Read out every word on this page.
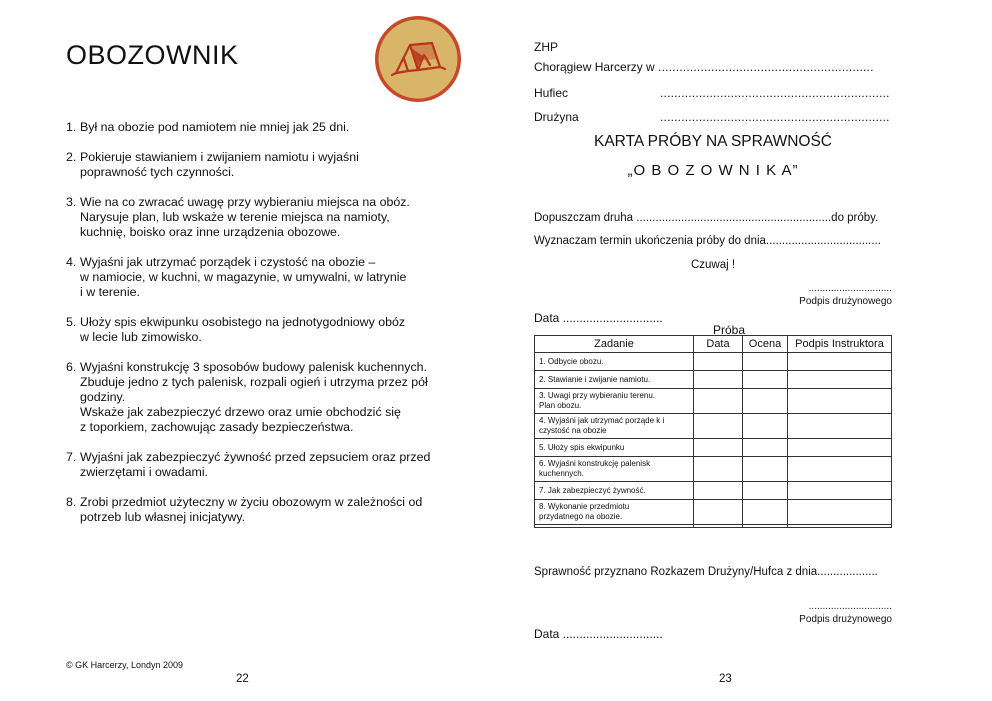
OBOZOWNIK
1. Był na obozie pod namiotem nie mniej jak 25 dni.
2. Pokieruje stawianiem i zwijaniem namiotu i wyjaśni
poprawność tych czynności.
3. Wie na co zwracać uwagę przy wybieraniu miejsca na obóz.
Narysuje plan, lub wskaże w terenie miejsca na namioty,
kuchnię, boisko oraz inne urządzenia obozowe.
4. Wyjaśni jak utrzymać porządek i czystość na obozie –
w namiocie, w kuchni, w magazynie, w umywalni, w latrynie
i w terenie.
5. Ułoży spis ekwipunku osobistego na jednotygodniowy obóz
w lecie lub zimowisko.
6. Wyjaśni konstrukcję 3 sposobów budowy palenisk kuchennych.
Zbuduje jedno z tych palenisk, rozpali ogień i utrzyma przez pół
godziny.
Wskaże jak zabezpieczyć drzewo oraz umie obchodzić się
z toporkiem, zachowując zasady bezpieczeństwa.
7. Wyjaśni jak zabezpieczyć żywność przed zepsuciem oraz przed
zwierzętami i owadami.
8. Zrobi przedmiot użyteczny w życiu obozowym w zależności od
potrzeb lub własnej inicjatywy.
© GK Harcerzy, Londyn 2009
22
ZHP
Chorągiew Harcerzy w
.............................................................
Hufiec	.................................................................
Drużyna	.................................................................
KARTA PRÓBY NA SPRAWNOŚĆ
„O B O Z O W N I K A”
Dopuszczam druha .............................................................do próby.
Wyznaczam termin ukończenia próby do dnia....................................
Czuwaj !
..............................
Podpis drużynowego
Data ..............................
Próba
Zadanie	Data	Ocena	Podpis Instruktora

1. Odbycie obozu.			

2. Stawianie i zwijanie namiotu.			

3. Uwagi przy wybieraniu terenu.
Plan obozu.			

4. Wyjaśni jak utrzymać porząde k i
czystość na obozie			

5. Ułoży spis ekwipunku			

6. Wyjaśni konstrukcję palenisk
kuchennych.			

7. Jak zabezpieczyć żywność.			

8. Wykonanie przedmiotu
przydatnego na obozie.			

Sprawność przyznano Rozkazem Drużyny/Hufca z dnia...................
..............................
Podpis drużynowego
Data ..............................
23
